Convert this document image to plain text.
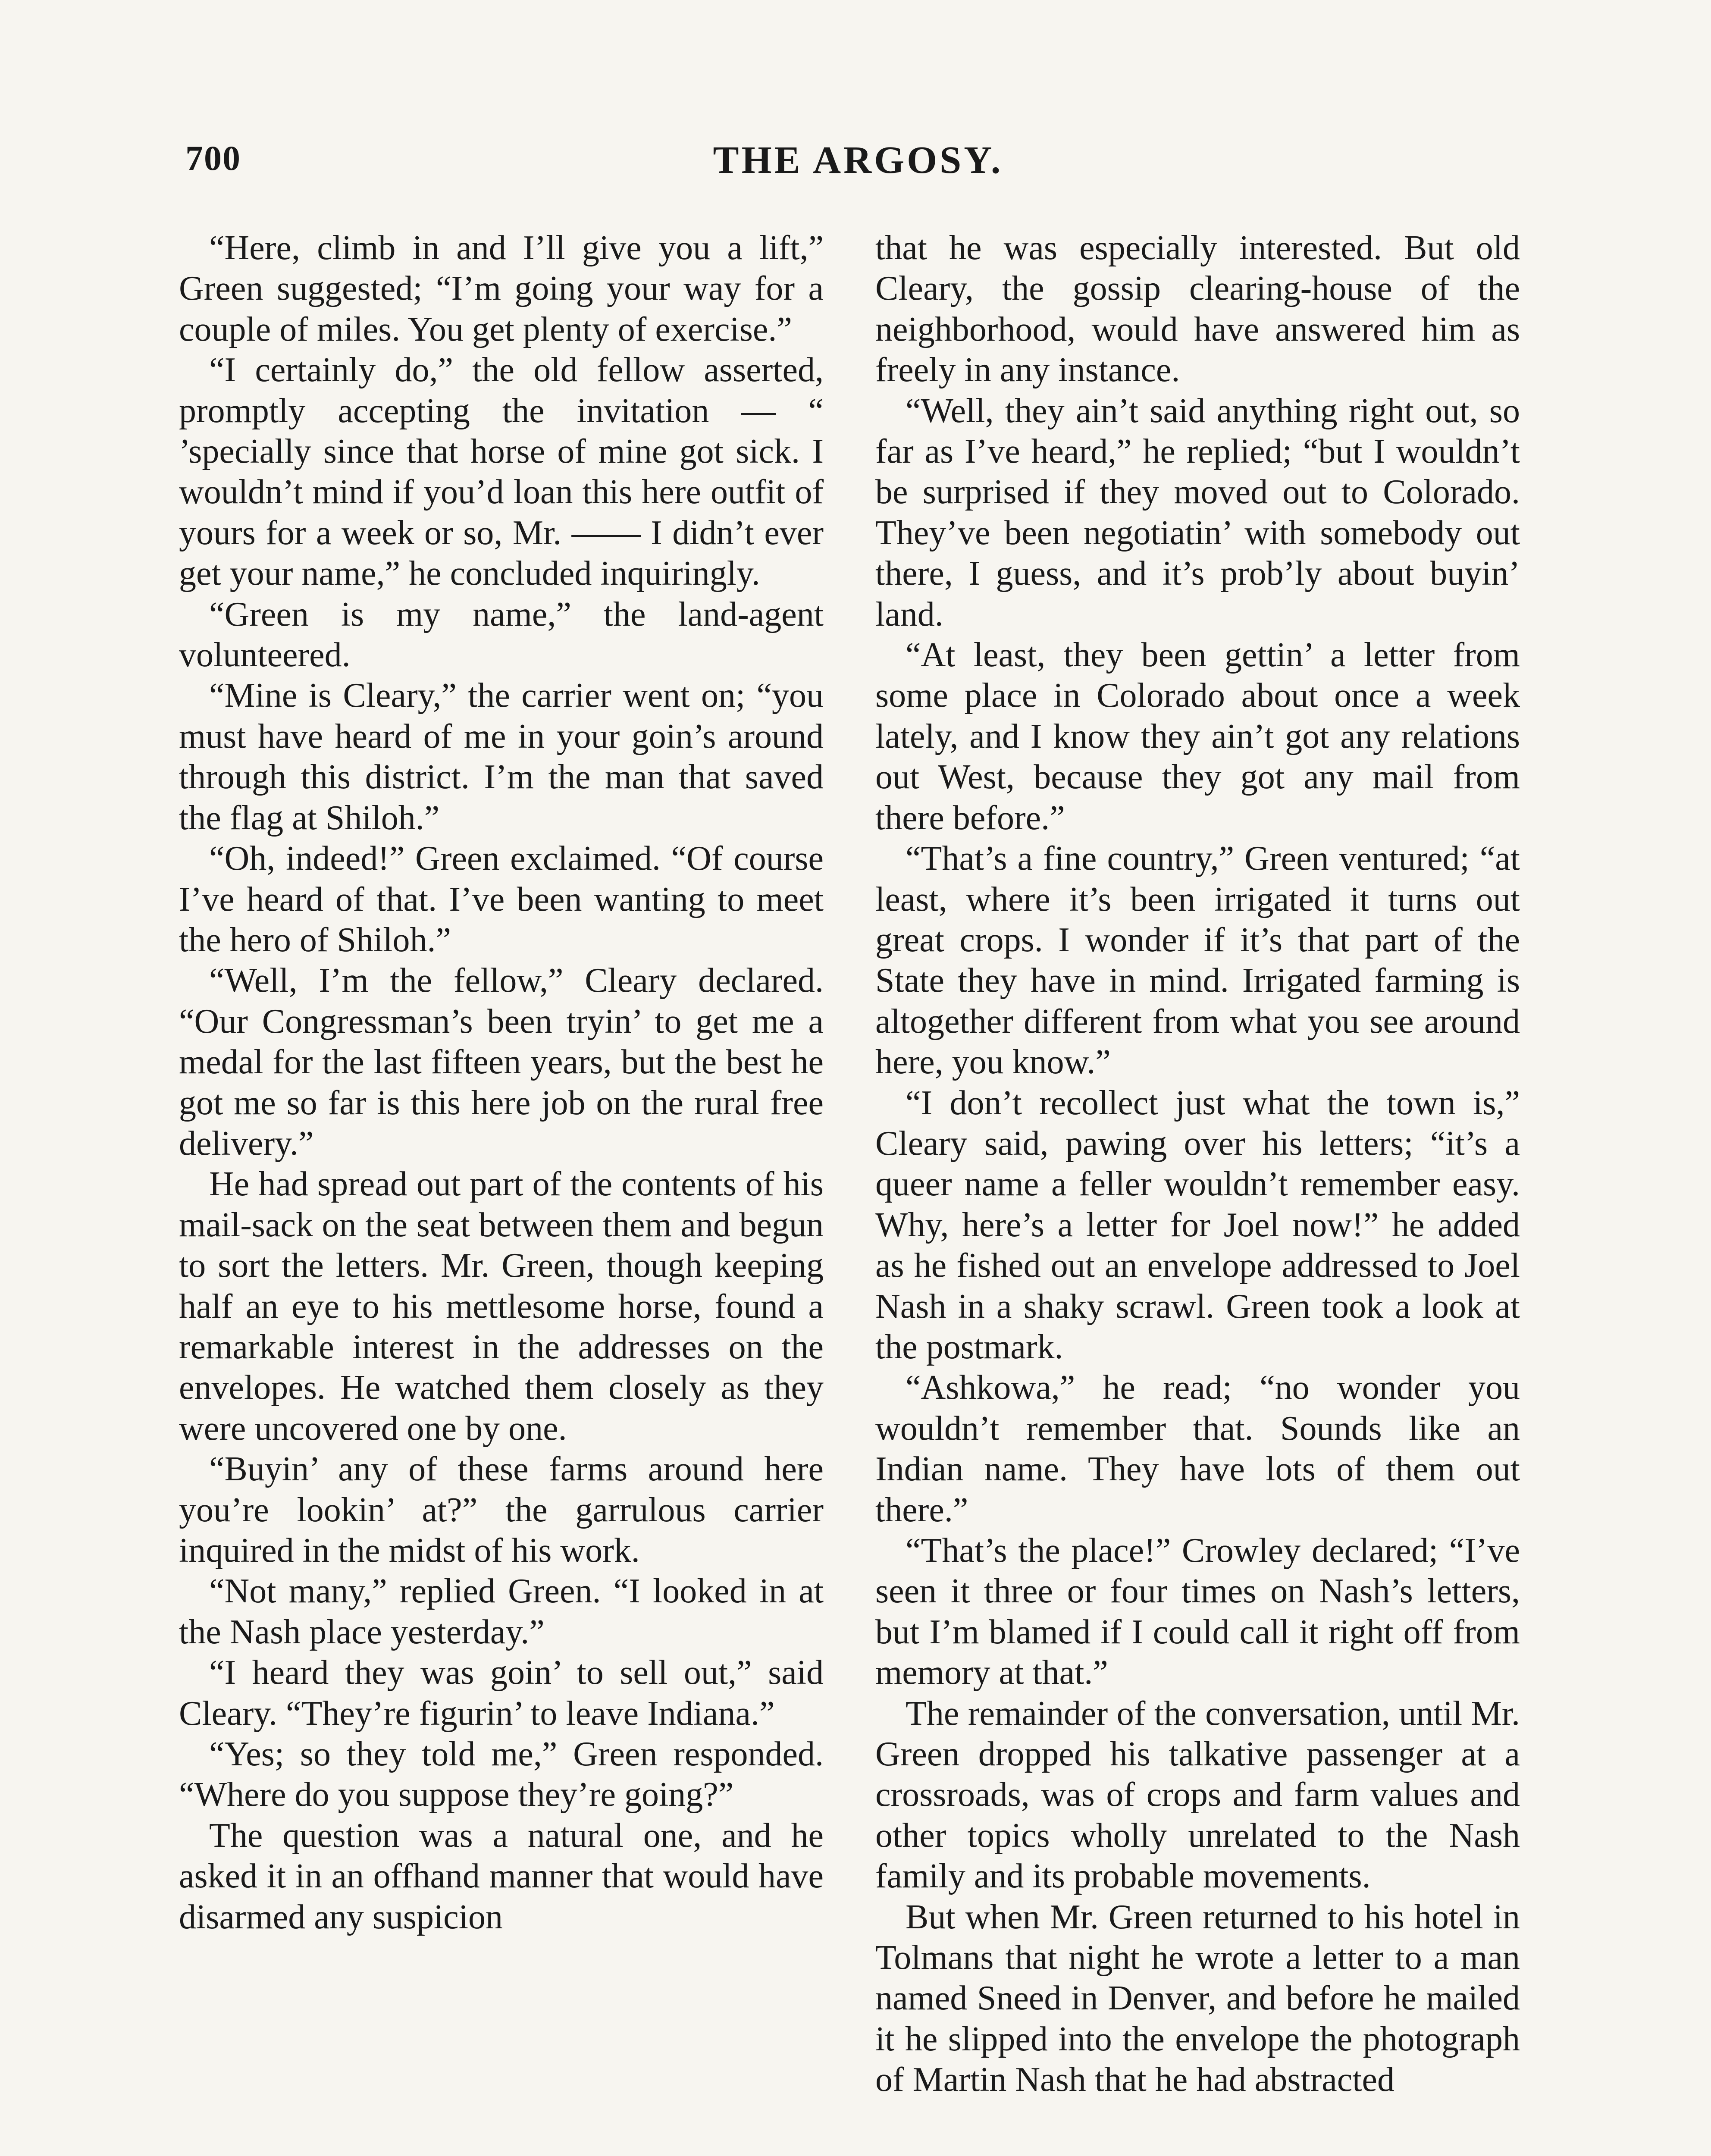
700	THE ARGOSY.

“Here, climb in and I’ll give you a lift,” Green suggested; “I’m going your way for a couple of miles. You get plenty of exercise.”

“I certainly do,” the old fellow asserted, promptly accepting the invitation — “ ’specially since that horse of mine got sick. I wouldn’t mind if you’d loan this here outfit of yours for a week or so, Mr. —— I didn’t ever get your name,” he concluded inquiringly.

“Green is my name,” the land-agent volunteered.

“Mine is Cleary,” the carrier went on; “you must have heard of me in your goin’s around through this district. I’m the man that saved the flag at Shiloh.”

“Oh, indeed!” Green exclaimed. “Of course I’ve heard of that. I’ve been wanting to meet the hero of Shiloh.”

“Well, I’m the fellow,” Cleary declared. “Our Congressman’s been tryin’ to get me a medal for the last fifteen years, but the best he got me so far is this here job on the rural free delivery.”

He had spread out part of the contents of his mail-sack on the seat between them and begun to sort the letters. Mr. Green, though keeping half an eye to his mettlesome horse, found a remarkable interest in the addresses on the envelopes. He watched them closely as they were uncovered one by one.

“Buyin’ any of these farms around here you’re lookin’ at?” the garrulous carrier inquired in the midst of his work.

“Not many,” replied Green. “I looked in at the Nash place yesterday.”

“I heard they was goin’ to sell out,” said Cleary. “They’re figurin’ to leave Indiana.”

“Yes; so they told me,” Green responded. “Where do you suppose they’re going?”

The question was a natural one, and he asked it in an offhand manner that would have disarmed any suspicion

that he was especially interested. But old Cleary, the gossip clearing-house of the neighborhood, would have answered him as freely in any instance.

“Well, they ain’t said anything right out, so far as I’ve heard,” he replied; “but I wouldn’t be surprised if they moved out to Colorado. They’ve been negotiatin’ with somebody out there, I guess, and it’s prob’ly about buyin’ land.

“At least, they been gettin’ a letter from some place in Colorado about once a week lately, and I know they ain’t got any relations out West, because they got any mail from there before.”

“That’s a fine country,” Green ventured; “at least, where it’s been irrigated it turns out great crops. I wonder if it’s that part of the State they have in mind. Irrigated farming is altogether different from what you see around here, you know.”

“I don’t recollect just what the town is,” Cleary said, pawing over his letters; “it’s a queer name a feller wouldn’t remember easy. Why, here’s a letter for Joel now!” he added as he fished out an envelope addressed to Joel Nash in a shaky scrawl. Green took a look at the postmark.

“Ashkowa,” he read; “no wonder you wouldn’t remember that. Sounds like an Indian name. They have lots of them out there.”

“That’s the place!” Crowley declared; “I’ve seen it three or four times on Nash’s letters, but I’m blamed if I could call it right off from memory at that.”

The remainder of the conversation, until Mr. Green dropped his talkative passenger at a crossroads, was of crops and farm values and other topics wholly unrelated to the Nash family and its probable movements.

But when Mr. Green returned to his hotel in Tolmans that night he wrote a letter to a man named Sneed in Denver, and before he mailed it he slipped into the envelope the photograph of Martin Nash that he had abstracted
